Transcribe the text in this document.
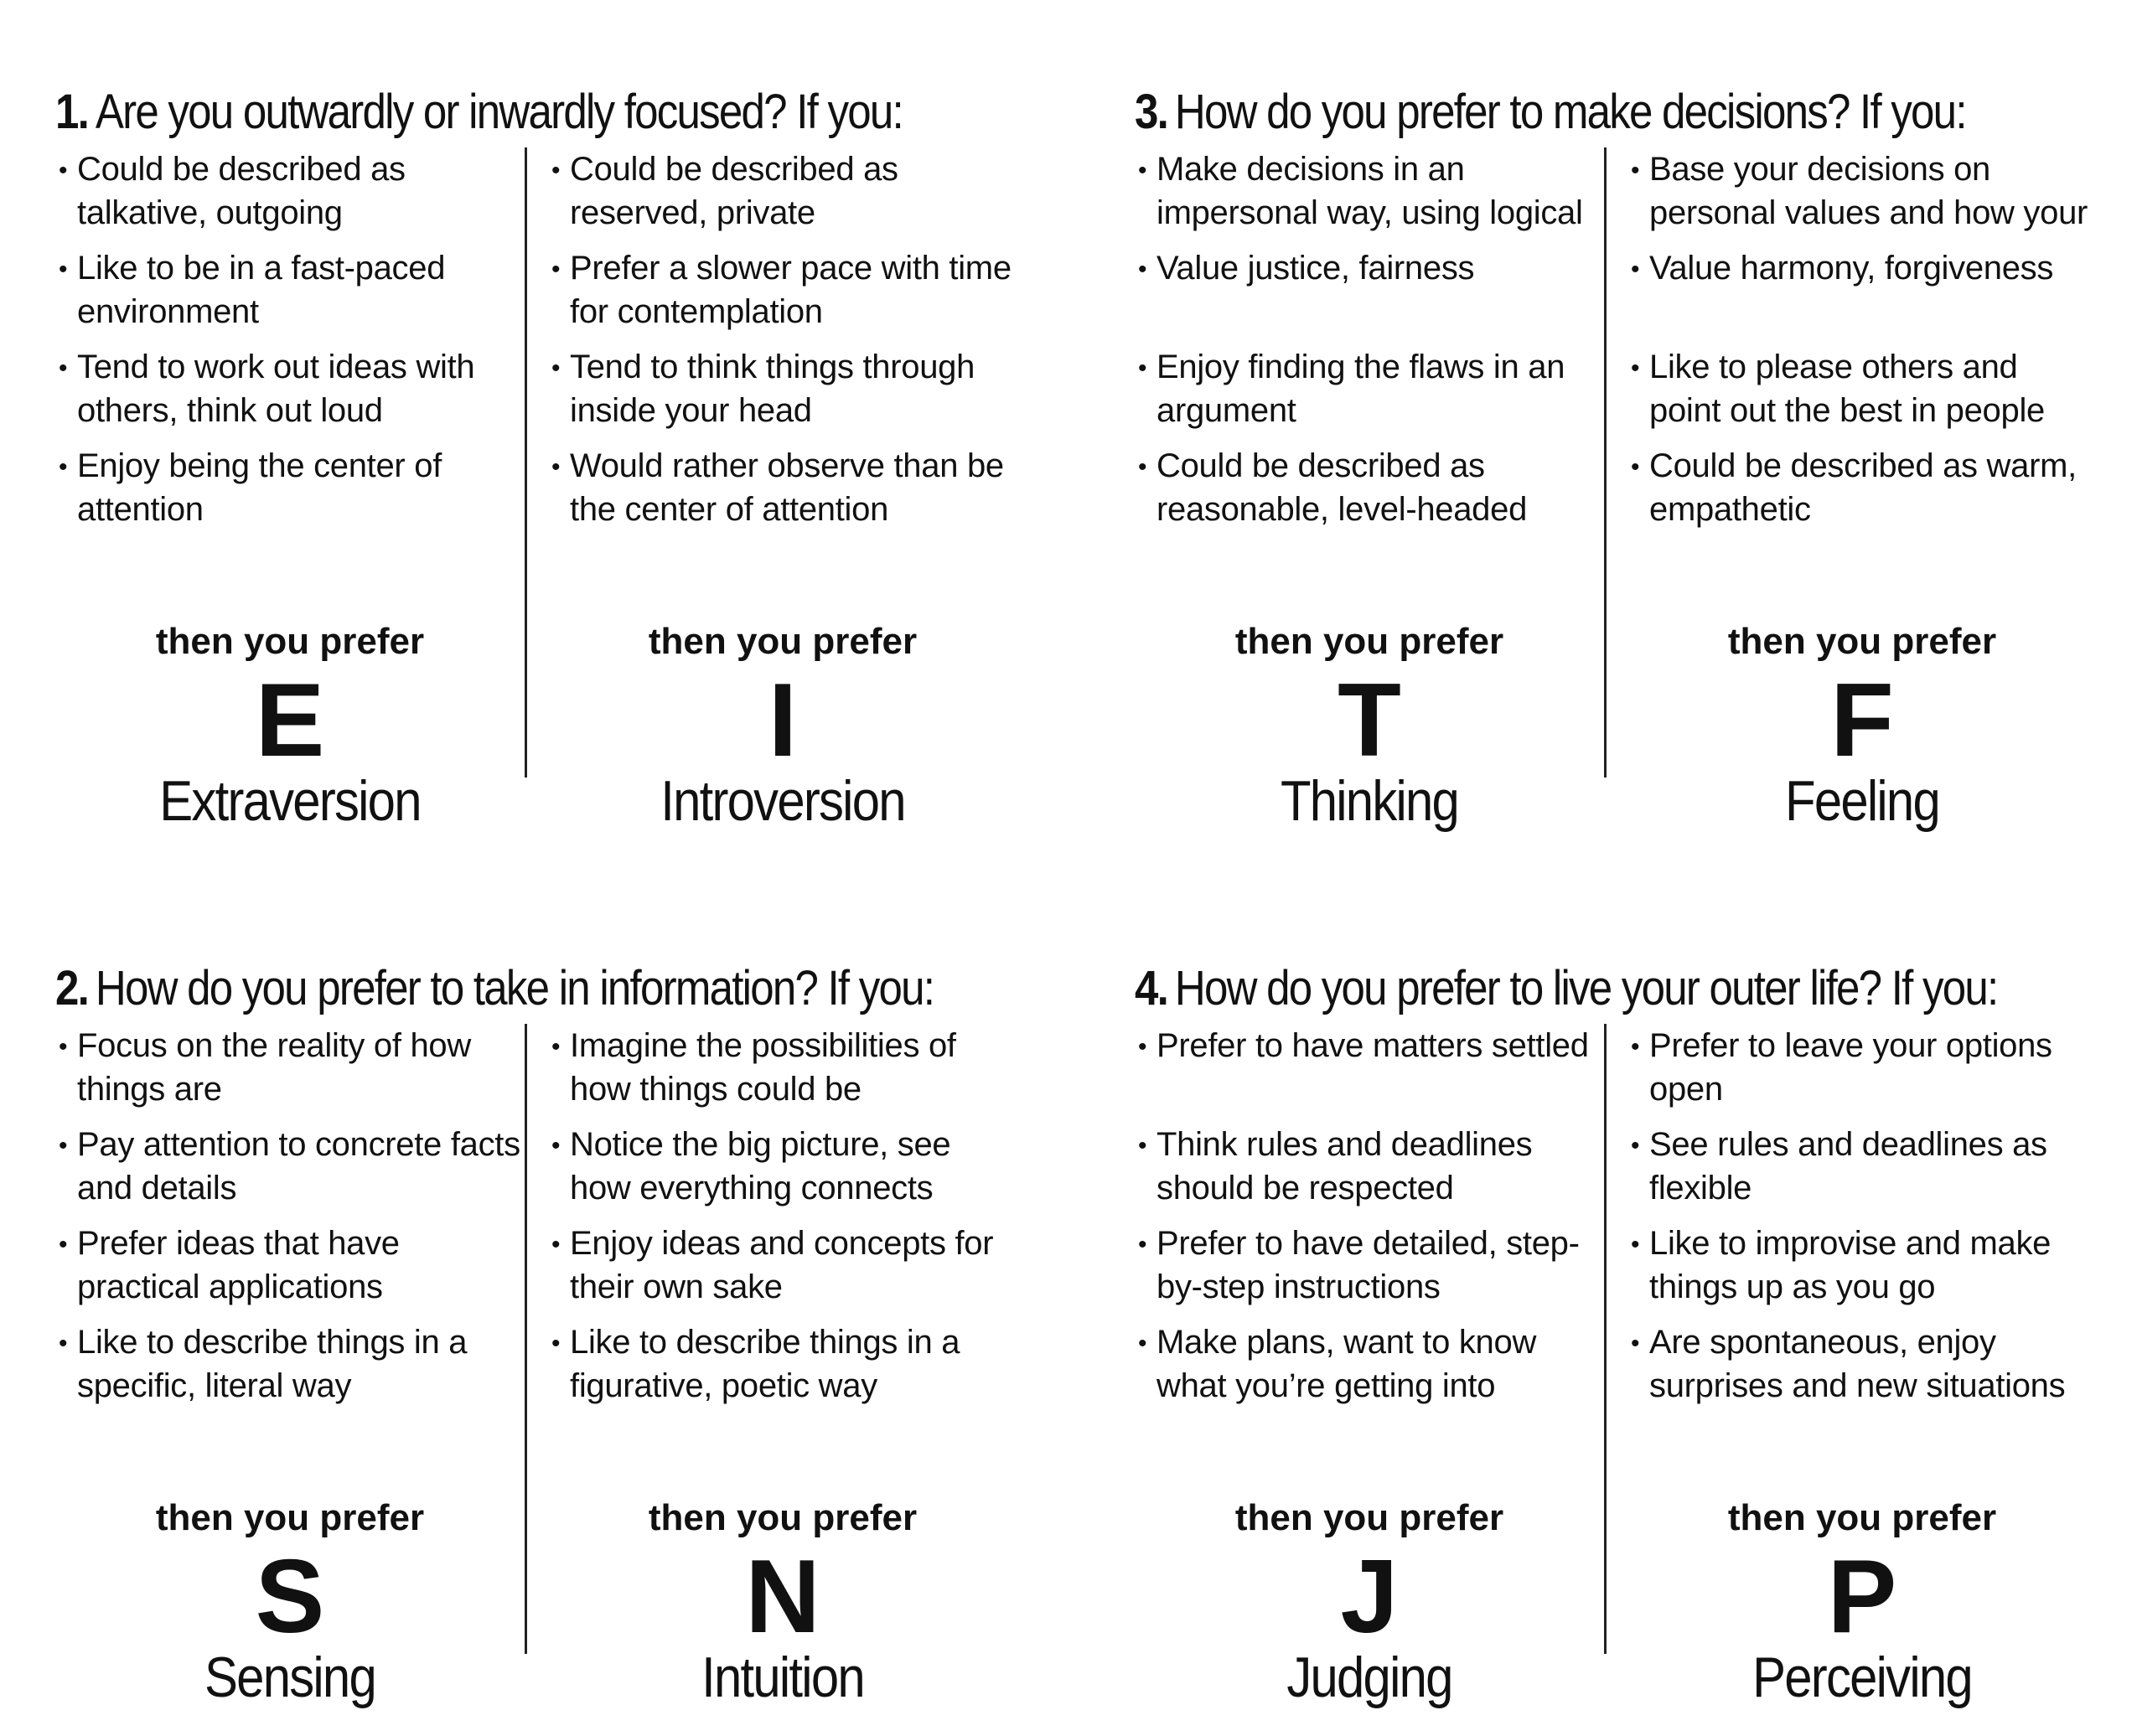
1. Are you outwardly or inwardly focused? If you:
• Could be described as talkative, outgoing
• Like to be in a fast-paced environment
• Tend to work out ideas with others, think out loud
• Enjoy being the center of attention
then you prefer
E
Extraversion
• Could be described as reserved, private
• Prefer a slower pace with time for contemplation
• Tend to think things through inside your head
• Would rather observe than be the center of attention
then you prefer
I
Introversion
3. How do you prefer to make decisions? If you:
• Make decisions in an impersonal way, using logical
• Value justice, fairness
• Enjoy finding the flaws in an argument
• Could be described as reasonable, level-headed
then you prefer
T
Thinking
• Base your decisions on personal values and how your
• Value harmony, forgiveness
• Like to please others and point out the best in people
• Could be described as warm, empathetic
then you prefer
F
Feeling
2. How do you prefer to take in information? If you:
• Focus on the reality of how things are
• Pay attention to concrete facts and details
• Prefer ideas that have practical applications
• Like to describe things in a specific, literal way
then you prefer
S
Sensing
• Imagine the possibilities of how things could be
• Notice the big picture, see how everything connects
• Enjoy ideas and concepts for their own sake
• Like to describe things in a figurative, poetic way
then you prefer
N
Intuition
4. How do you prefer to live your outer life? If you:
• Prefer to have matters settled
• Think rules and deadlines should be respected
• Prefer to have detailed, step-by-step instructions
• Make plans, want to know what you’re getting into
then you prefer
J
Judging
• Prefer to leave your options open
• See rules and deadlines as flexible
• Like to improvise and make things up as you go
• Are spontaneous, enjoy surprises and new situations
then you prefer
P
Perceiving
